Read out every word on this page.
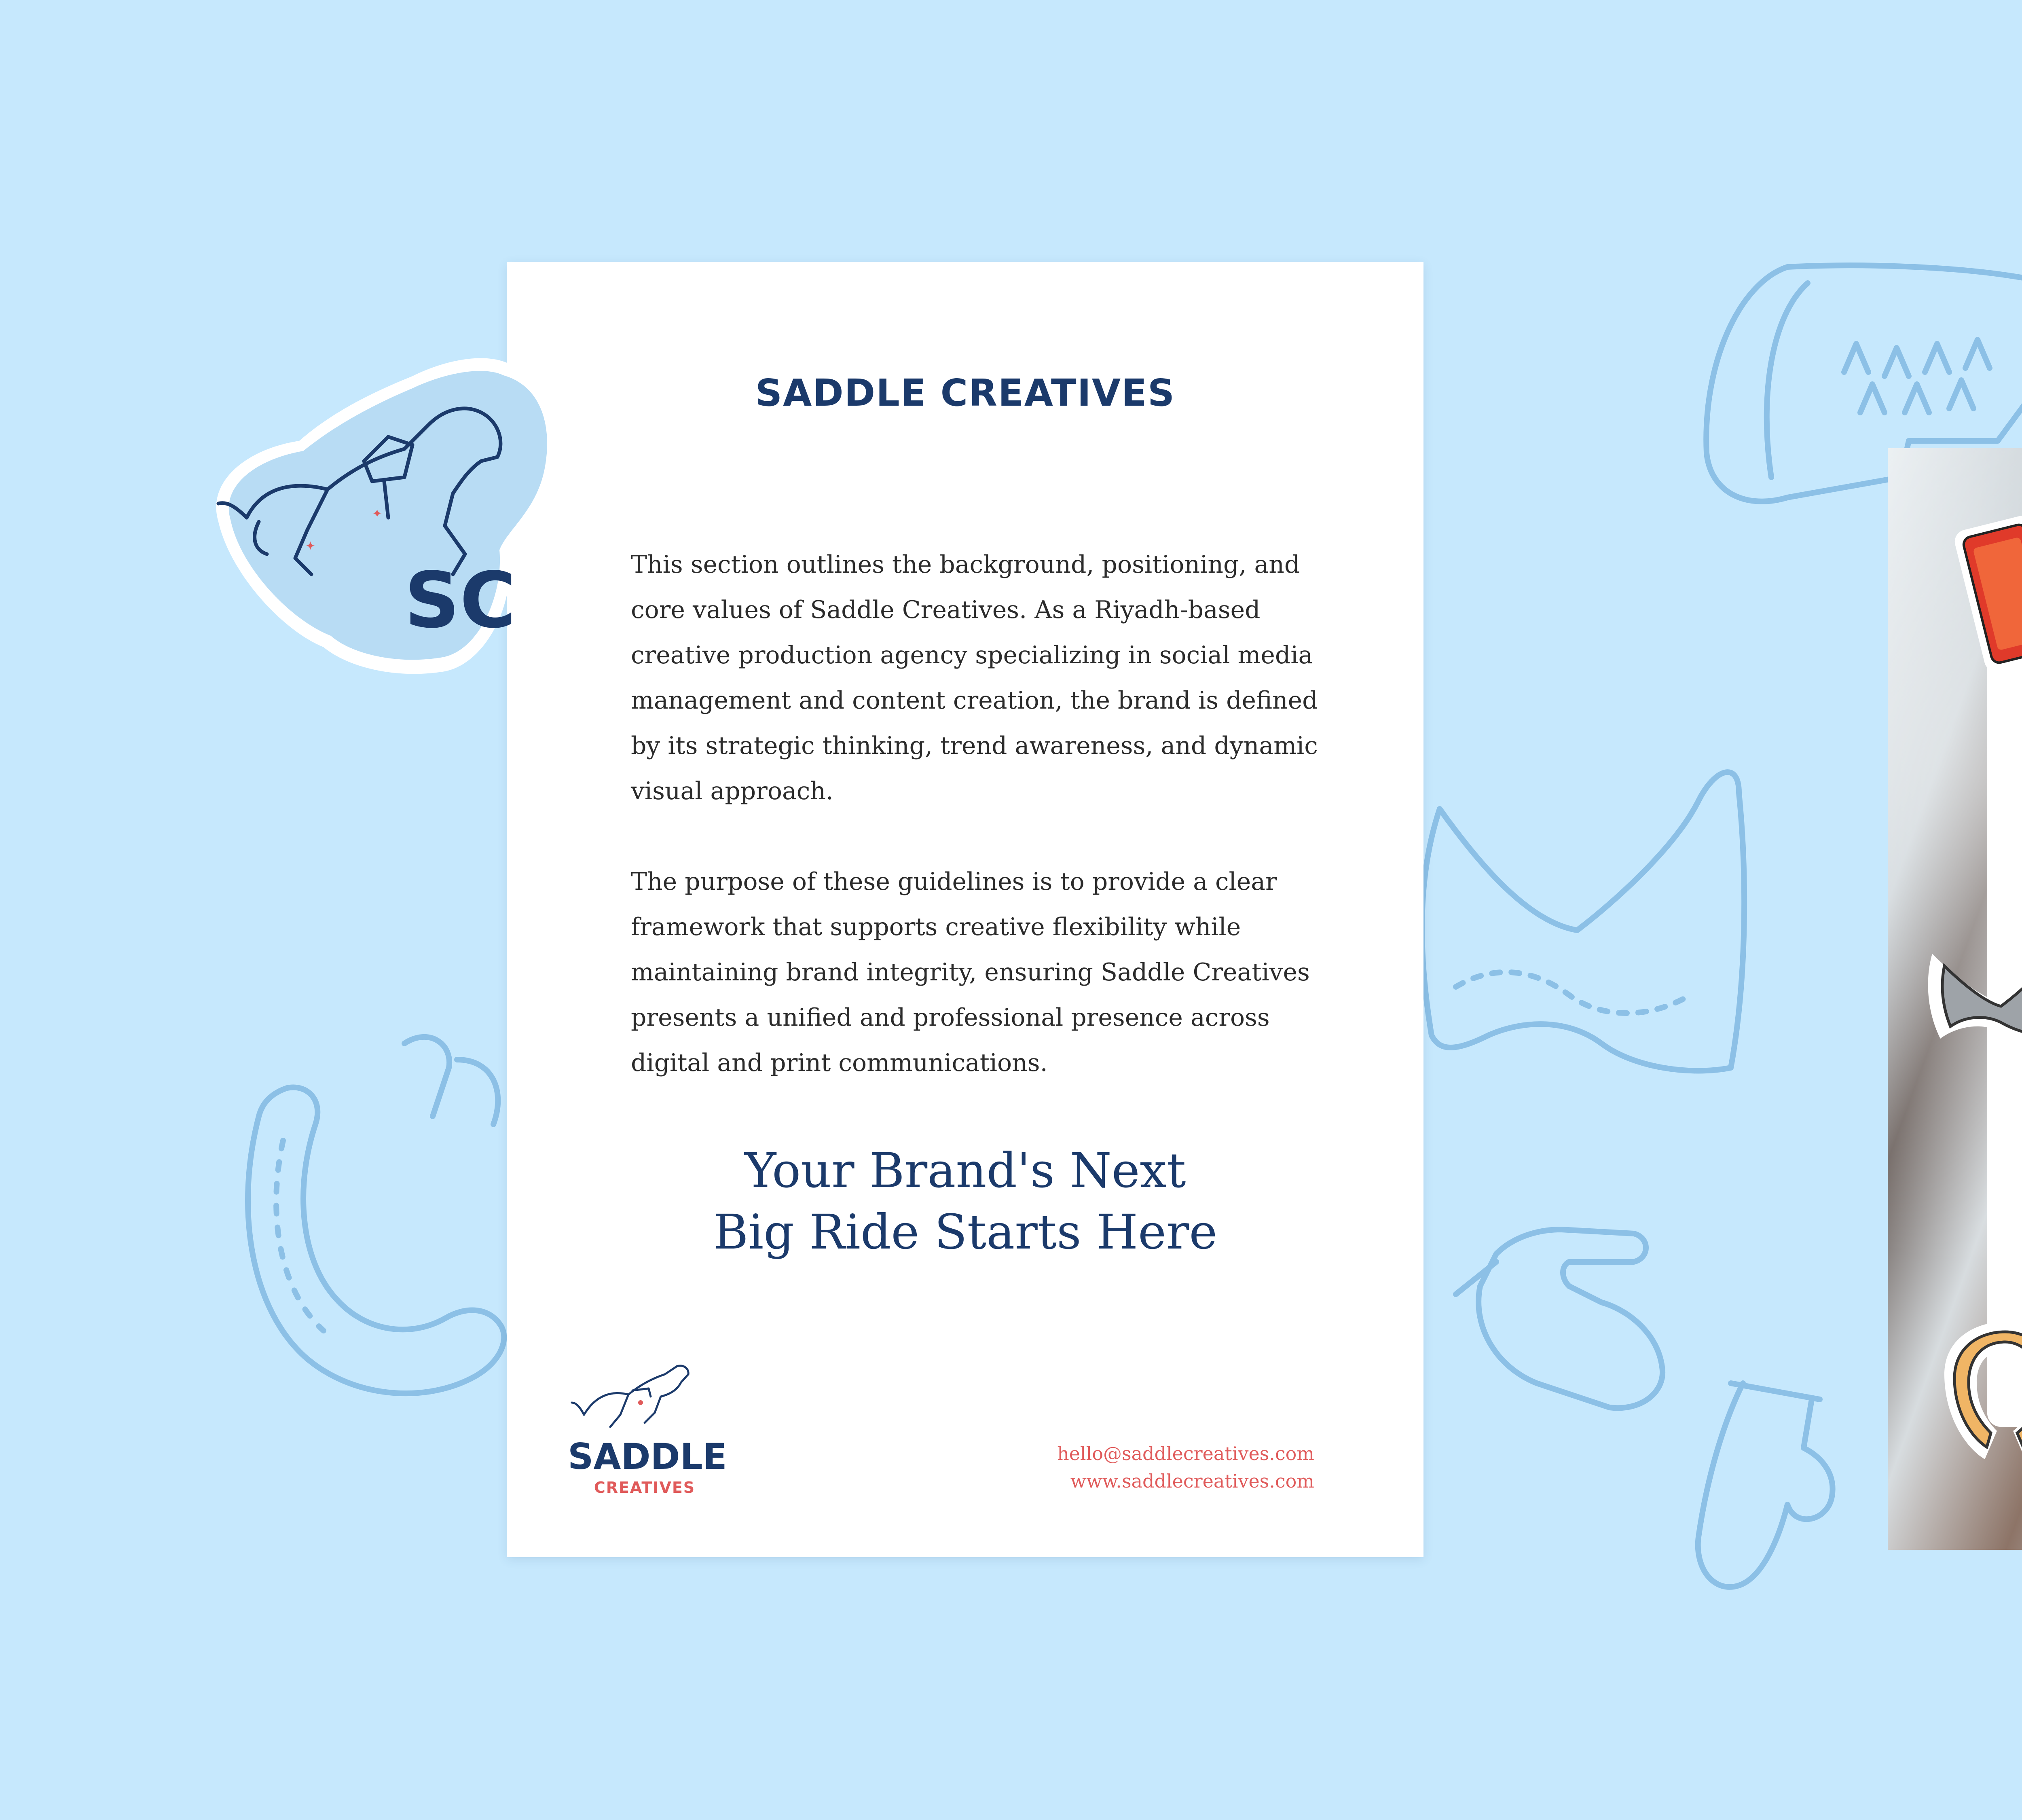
SADDLE CREATIVES

This section outlines the background, positioning, and core values of Saddle Creatives. As a Riyadh-based creative production agency specializing in social media management and content creation, the brand is defined by its strategic thinking, trend awareness, and dynamic visual approach.

The purpose of these guidelines is to provide a clear framework that supports creative flexibility while maintaining brand integrity, ensuring Saddle Creatives presents a unified and professional presence across digital and print communications.

Your Brand's Next
Big Ride Starts Here
SADDLE
CREATIVES
hello@saddlecreatives.com
www.saddlecreatives.com
✦
✦
SC
